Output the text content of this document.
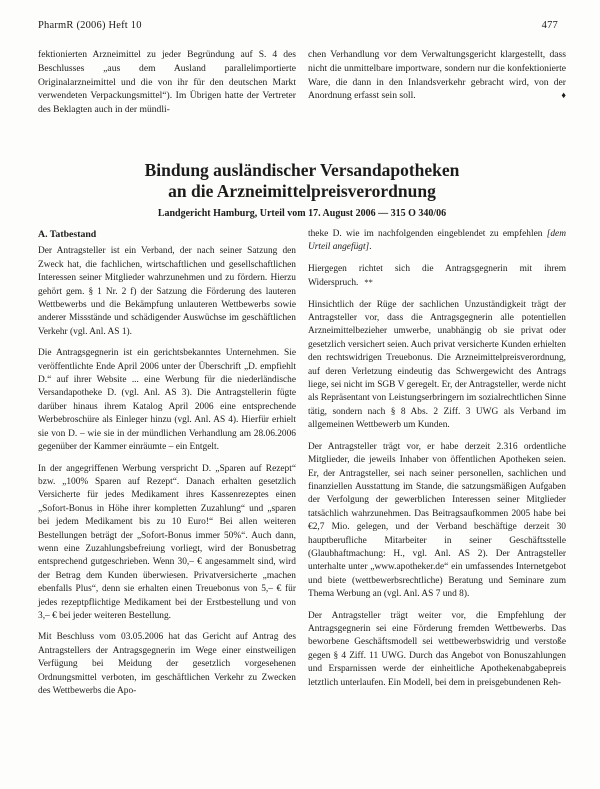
PharmR (2006) Heft 10	477

fektionierten Arzneimittel zu jeder Begründung auf S. 4 des Beschlusses „aus dem Ausland parallelimportierte Originalarzneimittel und die von ihr für den deutschen Markt verwendeten Verpackungsmittel“). Im Übrigen hatte der Vertreter des Beklagten auch in der mündli-

chen Verhandlung vor dem Verwaltungsgericht klargestellt, dass nicht die unmittelbare importware, sondern nur die konfektionierte Ware, die dann in den Inlandsverkehr gebracht wird, von der Anordnung erfasst sein soll.	♦

Bindung ausländischer Versandapotheken
an die Arzneimittelpreisverordnung
Landgericht Hamburg, Urteil vom 17. August 2006 — 315 O 340/06
A. Tatbestand

Der Antragsteller ist ein Verband, der nach seiner Satzung den Zweck hat, die fachlichen, wirtschaftlichen und gesellschaftlichen Interessen seiner Mitglieder wahrzunehmen und zu fördern. Hierzu gehört gem. § 1 Nr. 2 f) der Satzung die Förderung des lauteren Wettbewerbs und die Bekämpfung unlauteren Wettbewerbs sowie anderer Missstände und schädigender Auswüchse im geschäftlichen Verkehr (vgl. Anl. AS 1).

Die Antragsgegnerin ist ein gerichtsbekanntes Unternehmen. Sie veröffentlichte Ende April 2006 unter der Überschrift „D. empfiehlt D.“ auf ihrer Website ... eine Werbung für die niederländische Versandapotheke D. (vgl. Anl. AS 3). Die Antragstellerin fügte darüber hinaus ihrem Katalog April 2006 eine entsprechende Werbebroschüre als Einleger hinzu (vgl. Anl. AS 4). Hierfür erhielt sie von D. – wie sie in der mündlichen Verhandlung am 28.06.2006 gegenüber der Kammer einräumte – ein Entgelt.

In der angegriffenen Werbung verspricht D. „Sparen auf Rezept“ bzw. „100% Sparen auf Rezept“. Danach erhalten gesetzlich Versicherte für jedes Medikament ihres Kassenrezeptes einen „Sofort-Bonus in Höhe ihrer kompletten Zuzahlung“ und „sparen bei jedem Medikament bis zu 10 Euro!“ Bei allen weiteren Bestellungen beträgt der „Sofort-Bonus immer 50%“. Auch dann, wenn eine Zuzahlungsbefreiung vorliegt, wird der Bonusbetrag entsprechend gutgeschrieben. Wenn 30,– € angesammelt sind, wird der Betrag dem Kunden überwiesen. Privatversicherte „machen ebenfalls Plus“, denn sie erhalten einen Treuebonus von 5,– € für jedes rezeptpflichtige Medikament bei der Erstbestellung und von 3,– € bei jeder weiteren Bestellung.

Mit Beschluss vom 03.05.2006 hat das Gericht auf Antrag des Antragstellers der Antragsgegnerin im Wege einer einstweiligen Verfügung bei Meidung der gesetzlich vorgesehenen Ordnungsmittel verboten, im geschäftlichen Verkehr zu Zwecken des Wettbewerbs die Apo-

theke D. wie im nachfolgenden eingeblendet zu empfehlen [dem Urteil angefügt].

Hiergegen richtet sich die Antragsgegnerin mit ihrem Widerspruch. **

Hinsichtlich der Rüge der sachlichen Unzuständigkeit trägt der Antragsteller vor, dass die Antragsgegnerin alle potentiellen Arzneimittelbezieher umwerbe, unabhängig ob sie privat oder gesetzlich versichert seien. Auch privat versicherte Kunden erhielten den rechtswidrigen Treuebonus. Die Arzneimittelpreisverordnung, auf deren Verletzung eindeutig das Schwergewicht des Antrags liege, sei nicht im SGB V geregelt. Er, der Antragsteller, werde nicht als Repräsentant von Leistungserbringern im sozialrechtlichen Sinne tätig, sondern nach § 8 Abs. 2 Ziff. 3 UWG als Verband im allgemeinen Wettbewerb um Kunden.

Der Antragsteller trägt vor, er habe derzeit 2.316 ordentliche Mitglieder, die jeweils Inhaber von öffentlichen Apotheken seien. Er, der Antragsteller, sei nach seiner personellen, sachlichen und finanziellen Ausstattung im Stande, die satzungsmäßigen Aufgaben der Verfolgung der gewerblichen Interessen seiner Mitglieder tatsächlich wahrzunehmen. Das Beitragsaufkommen 2005 habe bei €2,7 Mio. gelegen, und der Verband beschäftige derzeit 30 hauptberufliche Mitarbeiter in seiner Geschäftsstelle (Glaubhaftmachung: H., vgl. Anl. AS 2). Der Antragsteller unterhalte unter „www.apotheker.de“ ein umfassendes Internetgebot und biete (wettbewerbsrechtliche) Beratung und Seminare zum Thema Werbung an (vgl. Anl. AS 7 und 8).

Der Antragsteller trägt weiter vor, die Empfehlung der Antragsgegnerin sei eine Förderung fremden Wettbewerbs. Das beworbene Geschäftsmodell sei wettbewerbswidrig und verstoße gegen § 4 Ziff. 11 UWG. Durch das Angebot von Bonuszahlungen und Ersparnissen werde der einheitliche Apothekenabgabepreis letztlich unterlaufen. Ein Modell, bei dem in preisgebundenen Reh-
